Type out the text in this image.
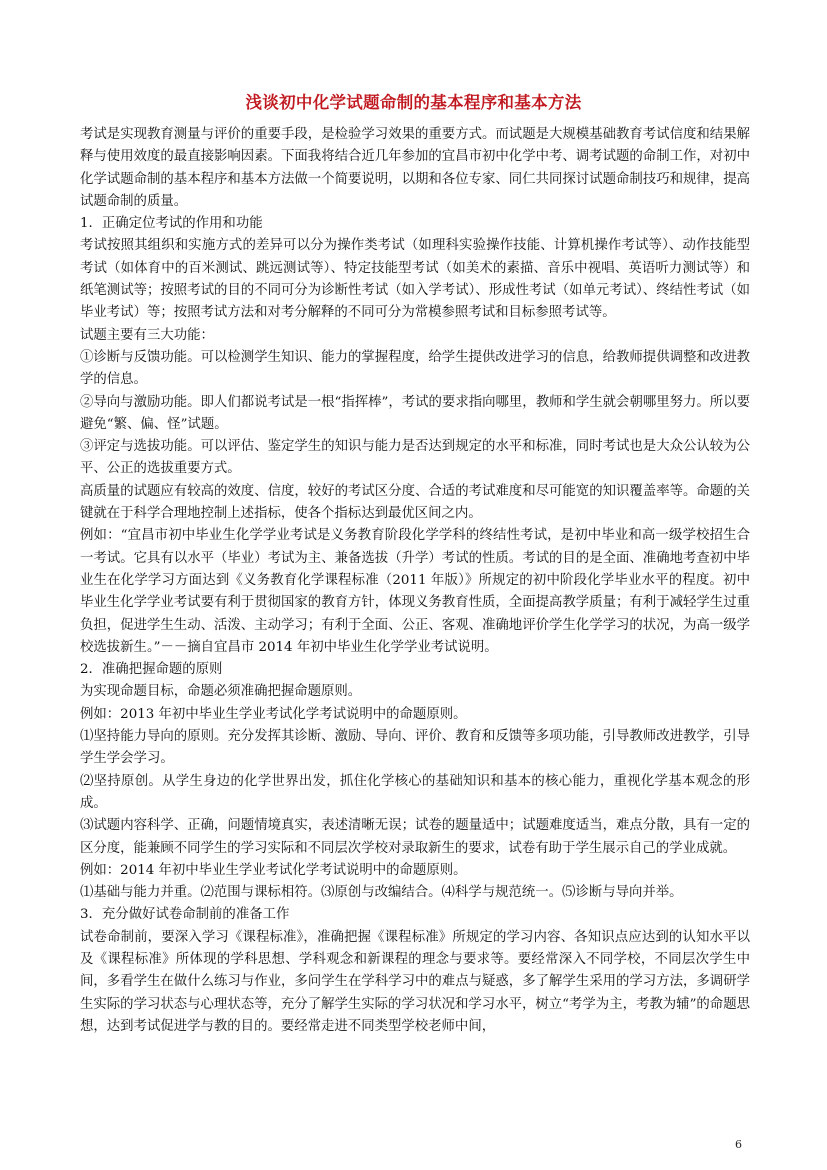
浅谈初中化学试题命制的基本程序和基本方法

考试是实现教育测量与评价的重要手段，是检验学习效果的重要方式。而试题是大规模基础教育考试信度和结果解释与使用效度的最直接影响因素。下面我将结合近几年参加的宜昌市初中化学中考、调考试题的命制工作，对初中化学试题命制的基本程序和基本方法做一个简要说明，以期和各位专家、同仁共同探讨试题命制技巧和规律，提高试题命制的质量。

1．正确定位考试的作用和功能

考试按照其组织和实施方式的差异可以分为操作类考试（如理科实验操作技能、计算机操作考试等）、动作技能型考试（如体育中的百米测试、跳远测试等）、特定技能型考试（如美术的素描、音乐中视唱、英语听力测试等）和纸笔测试等；按照考试的目的不同可分为诊断性考试（如入学考试）、形成性考试（如单元考试）、终结性考试（如毕业考试）等；按照考试方法和对考分解释的不同可分为常模参照考试和目标参照考试等。

试题主要有三大功能：

①诊断与反馈功能。可以检测学生知识、能力的掌握程度，给学生提供改进学习的信息，给教师提供调整和改进教学的信息。

②导向与激励功能。即人们都说考试是一根“指挥棒”，考试的要求指向哪里，教师和学生就会朝哪里努力。所以要避免“繁、偏、怪”试题。

③评定与选拔功能。可以评估、鉴定学生的知识与能力是否达到规定的水平和标准，同时考试也是大众公认较为公平、公正的选拔重要方式。

高质量的试题应有较高的效度、信度，较好的考试区分度、合适的考试难度和尽可能宽的知识覆盖率等。命题的关键就在于科学合理地控制上述指标，使各个指标达到最优区间之内。

例如：“宜昌市初中毕业生化学学业考试是义务教育阶段化学学科的终结性考试，是初中毕业和高一级学校招生合一考试。它具有以水平（毕业）考试为主、兼备选拔（升学）考试的性质。考试的目的是全面、准确地考查初中毕业生在化学学习方面达到《义务教育化学课程标准（2011 年版）》所规定的初中阶段化学毕业水平的程度。初中毕业生化学学业考试要有利于贯彻国家的教育方针，体现义务教育性质，全面提高教学质量；有利于减轻学生过重负担，促进学生生动、活泼、主动学习；有利于全面、公正、客观、准确地评价学生化学学习的状况，为高一级学校选拔新生。”－－摘自宜昌市 2014 年初中毕业生化学学业考试说明。

2．准确把握命题的原则

为实现命题目标，命题必须准确把握命题原则。

例如：2013 年初中毕业生学业考试化学考试说明中的命题原则。

⑴坚持能力导向的原则。充分发挥其诊断、激励、导向、评价、教育和反馈等多项功能，引导教师改进教学，引导学生学会学习。

⑵坚持原创。从学生身边的化学世界出发，抓住化学核心的基础知识和基本的核心能力，重视化学基本观念的形成。

⑶试题内容科学、正确，问题情境真实，表述清晰无误；试卷的题量适中；试题难度适当，难点分散，具有一定的区分度，能兼顾不同学生的学习实际和不同层次学校对录取新生的要求，试卷有助于学生展示自己的学业成就。

例如：2014 年初中毕业生学业考试化学考试说明中的命题原则。

⑴基础与能力并重。⑵范围与课标相符。⑶原创与改编结合。⑷科学与规范统一。⑸诊断与导向并举。

3．充分做好试卷命制前的准备工作

试卷命制前，要深入学习《课程标准》，准确把握《课程标准》所规定的学习内容、各知识点应达到的认知水平以及《课程标准》所体现的学科思想、学科观念和新课程的理念与要求等。要经常深入不同学校，不同层次学生中间，多看学生在做什么练习与作业，多问学生在学科学习中的难点与疑惑，多了解学生采用的学习方法，多调研学生实际的学习状态与心理状态等，充分了解学生实际的学习状况和学习水平，树立“考学为主，考教为辅”的命题思想，达到考试促进学与教的目的。要经常走进不同类型学校老师中间，

6
